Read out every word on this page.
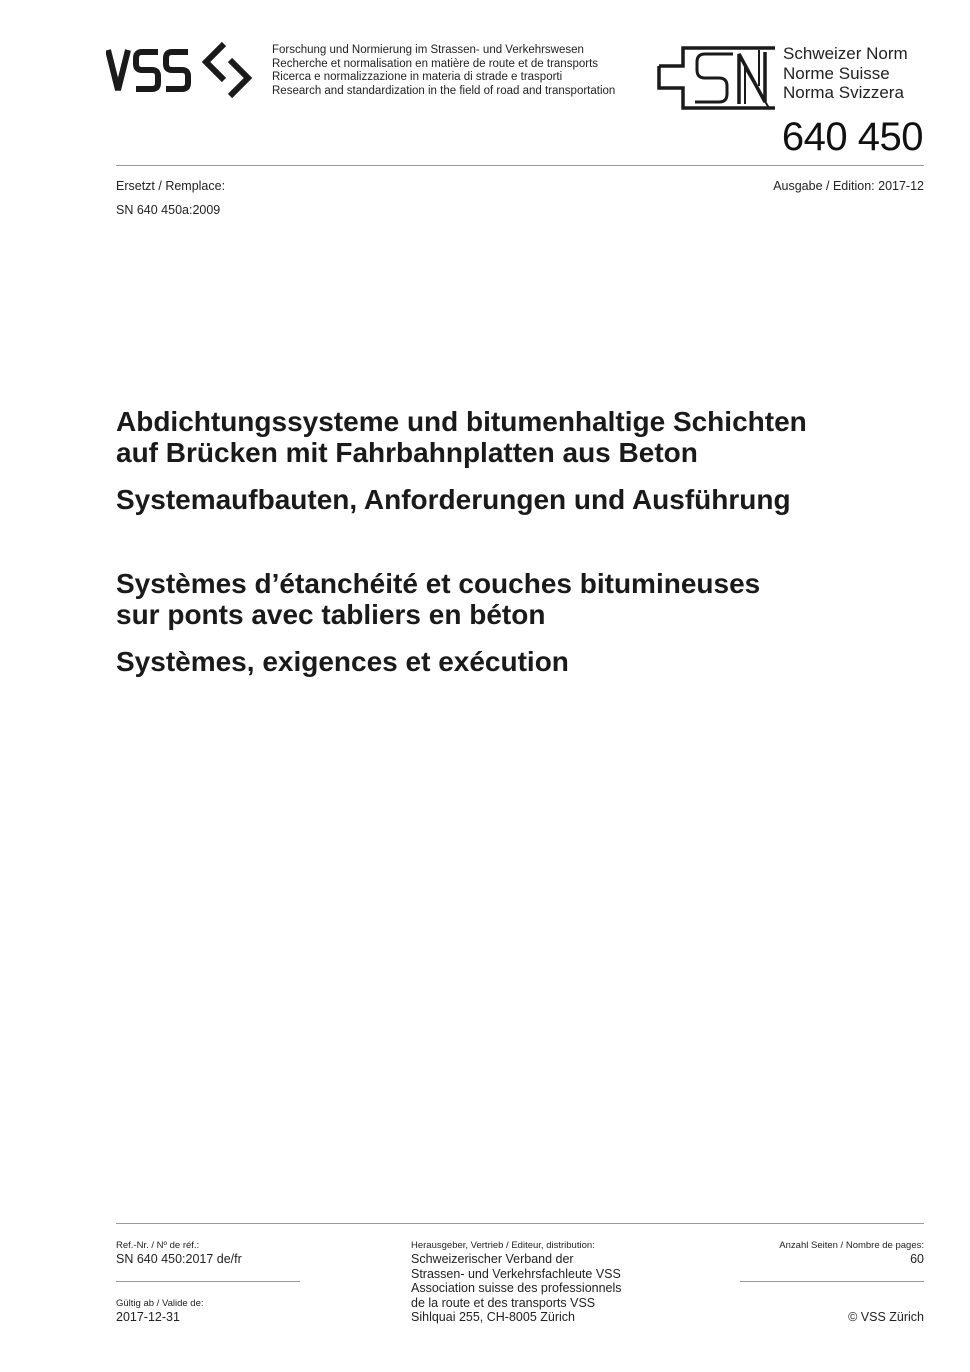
Forschung und Normierung im Strassen- und Verkehrswesen
Recherche et normalisation en matière de route et de transports
Ricerca e normalizzazione in materia di strade e trasporti
Research and standardization in the field of road and transportation
Schweizer Norm
Norme Suisse
Norma Svizzera
640 450
Ersetzt / Remplace:
SN 640 450a:2009
Ausgabe / Edition: 2017-12
Abdichtungssysteme und bitumenhaltige Schichten
auf Brücken mit Fahrbahnplatten aus Beton
Systemaufbauten, Anforderungen und Ausführung
Systèmes d’étanchéité et couches bitumineuses
sur ponts avec tabliers en béton
Systèmes, exigences et exécution
Ref.-Nr. / Nº de réf.:
SN 640 450:2017 de/fr
Gültig ab / Valide de:
2017-12-31
Herausgeber, Vertrieb / Editeur, distribution:
Schweizerischer Verband der
Strassen- und Verkehrsfachleute VSS
Association suisse des professionnels
de la route et des transports VSS
Sihlquai 255, CH-8005 Zürich
Anzahl Seiten / Nombre de pages:
60
© VSS Zürich
